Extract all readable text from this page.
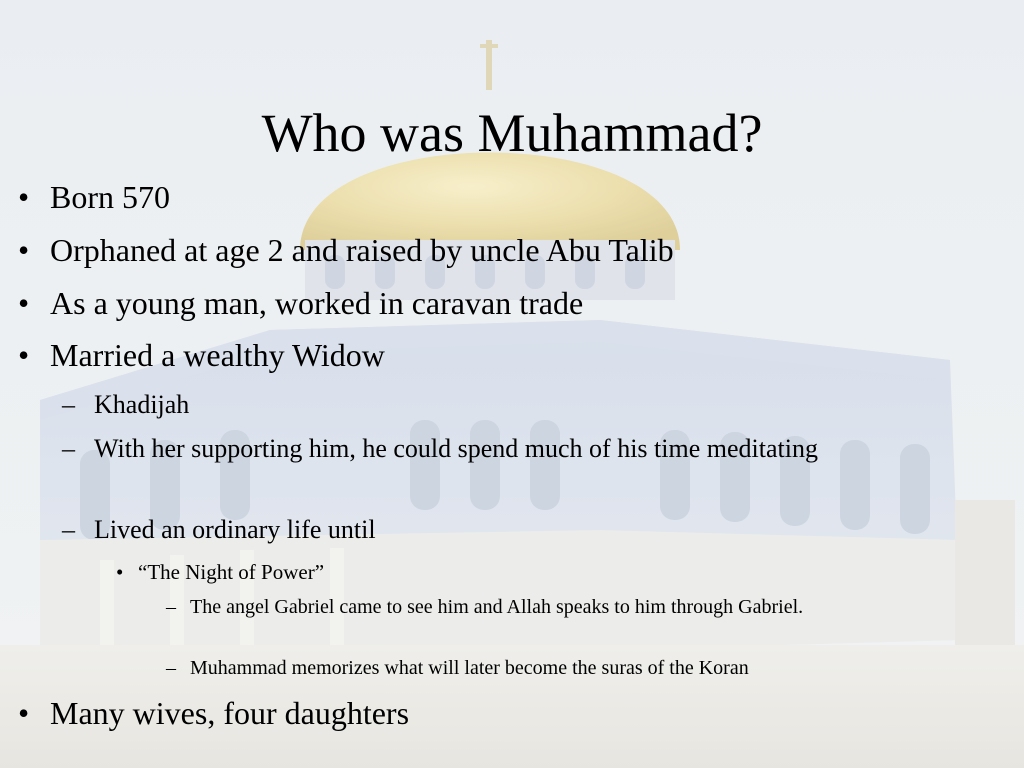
Who was Muhammad?
• Born 570
• Orphaned at age 2 and raised by uncle Abu Talib
• As a young man, worked in caravan trade
• Married a wealthy Widow
– Khadijah
– With her supporting him, he could spend much of his time meditating
– Lived an ordinary life until
• “The Night of Power”
– The angel Gabriel came to see him and Allah speaks to him through Gabriel.
– Muhammad memorizes what will later become the suras of the Koran
• Many wives, four daughters
